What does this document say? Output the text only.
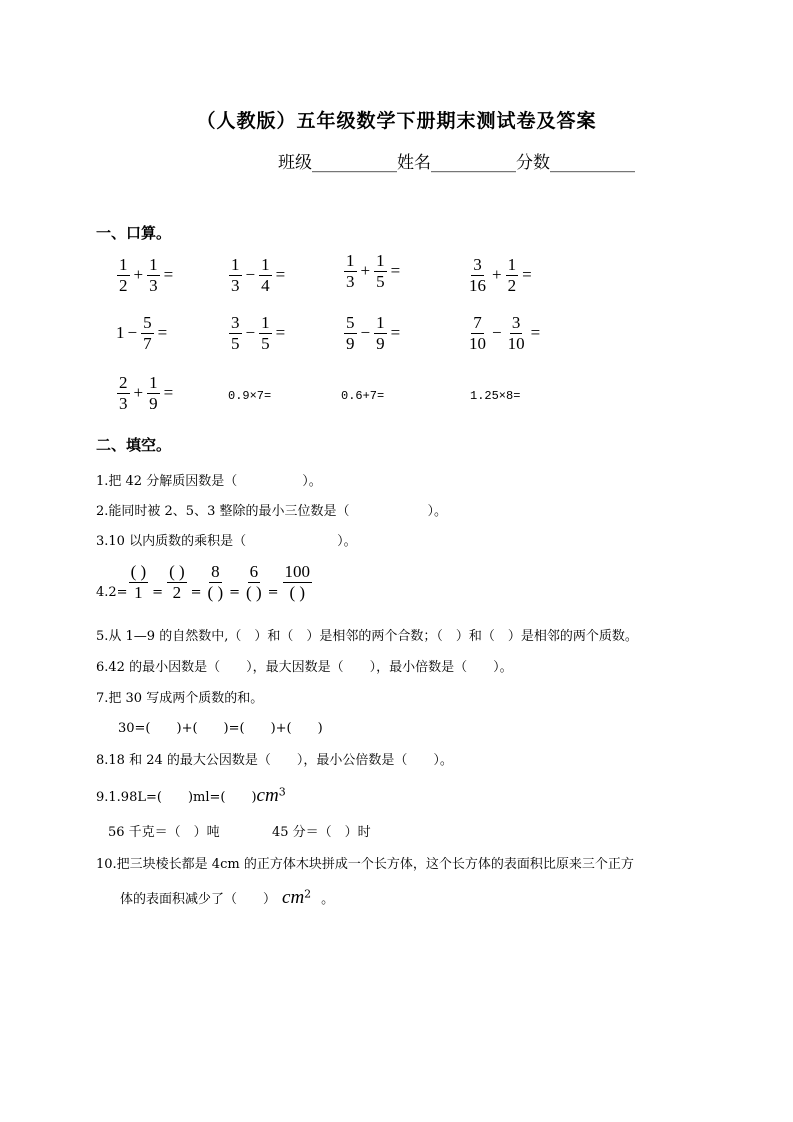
（人教版）五年级数学下册期末测试卷及答案
班级__________姓名__________分数__________
一、口算。
$\frac{1}{2} + \frac{1}{3}$ =	$\frac{1}{3} - \frac{1}{4}$ =	$\frac{1}{3} + \frac{1}{5}$ =	$\frac{3}{16} + \frac{1}{2}$ =
$1 - \frac{5}{7}$ =	$\frac{3}{5} - \frac{1}{5}$ =	$\frac{5}{9} - \frac{1}{9}$ =	$\frac{7}{10} - \frac{3}{10}$ =
$\frac{2}{3} + \frac{1}{9}$ =	0.9×7=	0.6+7=	1.25×8=
二、填空。
1.把 42 分解质因数是（　　　　　）。
2.能同时被 2、5、3 整除的最小三位数是（　　　　　　）。
3.10 以内质数的乘积是（　　　　　　　）。
$4.2= \frac{( )}{1} = \frac{( )}{2} = \frac{8}{( )} = \frac{6}{( )} = \frac{100}{( )}$
5.从 1—9 的自然数中,（　）和（　）是相邻的两个合数；（　）和（　）是相邻的两个质数。
6.42 的最小因数是（　　），最大因数是（　　），最小倍数是（　　）。
7.把 30 写成两个质数的和。
30=(　　)+(　　)=(　　)+(　　)
8.18 和 24 的最大公因数是（　　），最小公倍数是（　　）。
9.1.98L=(　　)ml=(　　)$cm^3$
56 千克＝（　）吨	45 分＝（　）时
10.把三块棱长都是 4cm 的正方体木块拼成一个长方体，这个长方体的表面积比原来三个正方
体的表面积减少了（　　） $cm^2$ 。
